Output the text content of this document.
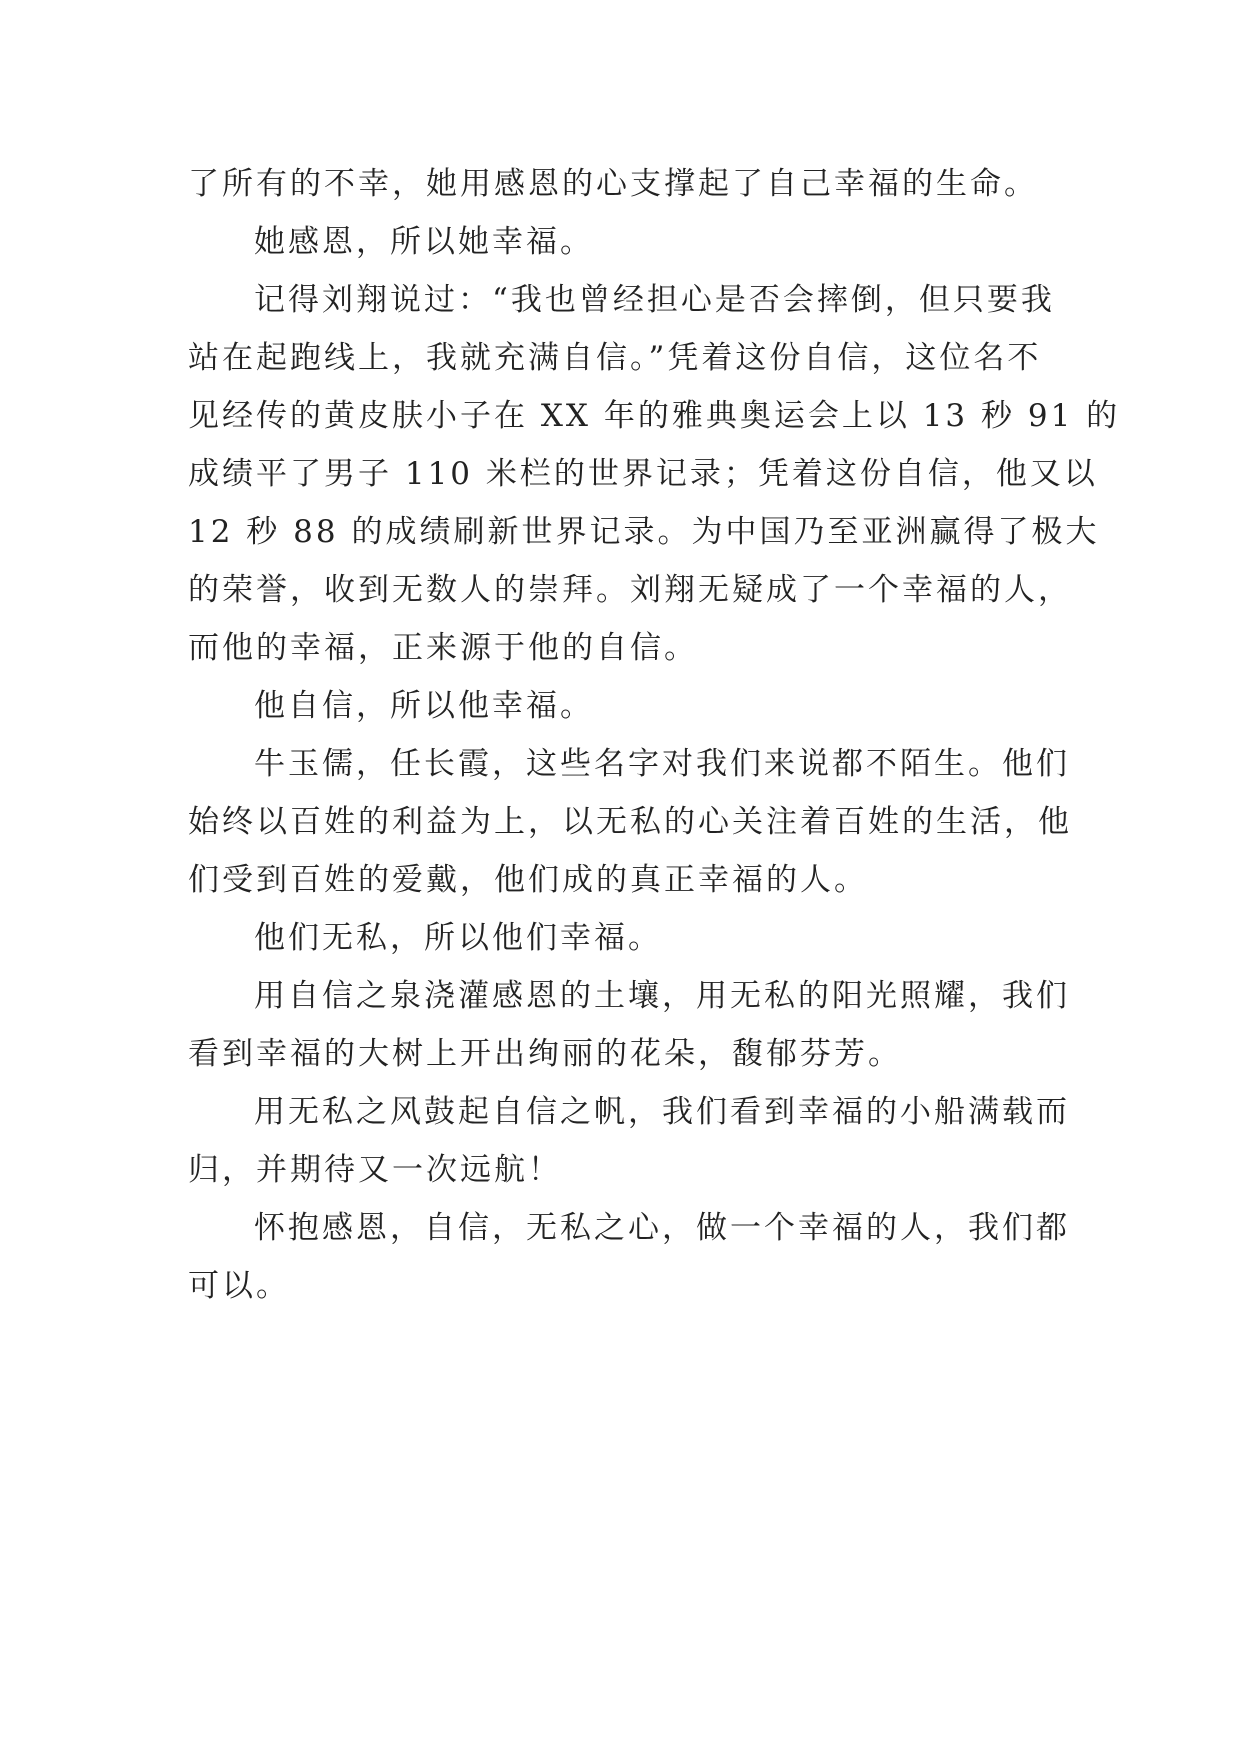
了所有的不幸，她用感恩的心支撑起了自己幸福的生命。
她感恩，所以她幸福。
记得刘翔说过：“我也曾经担心是否会摔倒，但只要我
站在起跑线上，我就充满自信。”凭着这份自信，这位名不
见经传的黄皮肤小子在 XX 年的雅典奥运会上以 13 秒 91 的
成绩平了男子 110 米栏的世界记录；凭着这份自信，他又以
12 秒 88 的成绩刷新世界记录。为中国乃至亚洲赢得了极大
的荣誉，收到无数人的崇拜。刘翔无疑成了一个幸福的人，
而他的幸福，正来源于他的自信。
他自信，所以他幸福。
牛玉儒，任长霞，这些名字对我们来说都不陌生。他们
始终以百姓的利益为上，以无私的心关注着百姓的生活，他
们受到百姓的爱戴，他们成的真正幸福的人。
他们无私，所以他们幸福。
用自信之泉浇灌感恩的土壤，用无私的阳光照耀，我们
看到幸福的大树上开出绚丽的花朵，馥郁芬芳。
用无私之风鼓起自信之帆，我们看到幸福的小船满载而
归，并期待又一次远航！
怀抱感恩，自信，无私之心，做一个幸福的人，我们都
可以。
